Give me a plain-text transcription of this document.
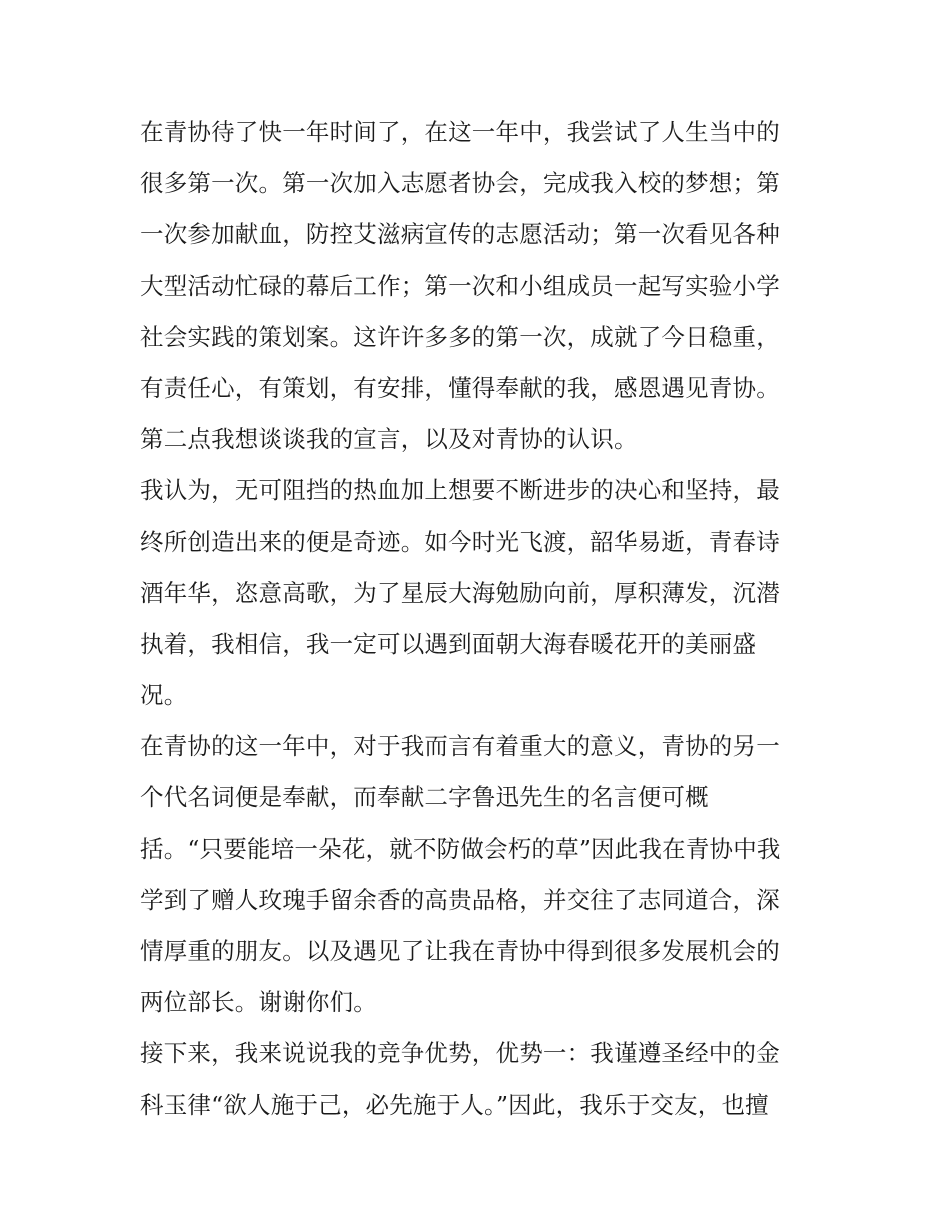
在青协待了快一年时间了，在这一年中，我尝试了人生当中的
很多第一次。第一次加入志愿者协会，完成我入校的梦想；第
一次参加献血，防控艾滋病宣传的志愿活动；第一次看见各种
大型活动忙碌的幕后工作；第一次和小组成员一起写实验小学
社会实践的策划案。这许许多多的第一次，成就了今日稳重，
有责任心，有策划，有安排，懂得奉献的我，感恩遇见青协。
第二点我想谈谈我的宣言，以及对青协的认识。
我认为，无可阻挡的热血加上想要不断进步的决心和坚持，最
终所创造出来的便是奇迹。如今时光飞渡，韶华易逝，青春诗
酒年华，恣意高歌，为了星辰大海勉励向前，厚积薄发，沉潜
执着，我相信，我一定可以遇到面朝大海春暖花开的美丽盛
况。
在青协的这一年中，对于我而言有着重大的意义，青协的另一
个代名词便是奉献，而奉献二字鲁迅先生的名言便可概
括。“只要能培一朵花，就不防做会朽的草”因此我在青协中我
学到了赠人玫瑰手留余香的高贵品格，并交往了志同道合，深
情厚重的朋友。以及遇见了让我在青协中得到很多发展机会的
两位部长。谢谢你们。
接下来，我来说说我的竞争优势，优势一：我谨遵圣经中的金
科玉律“欲人施于己，必先施于人。”因此，我乐于交友，也擅
